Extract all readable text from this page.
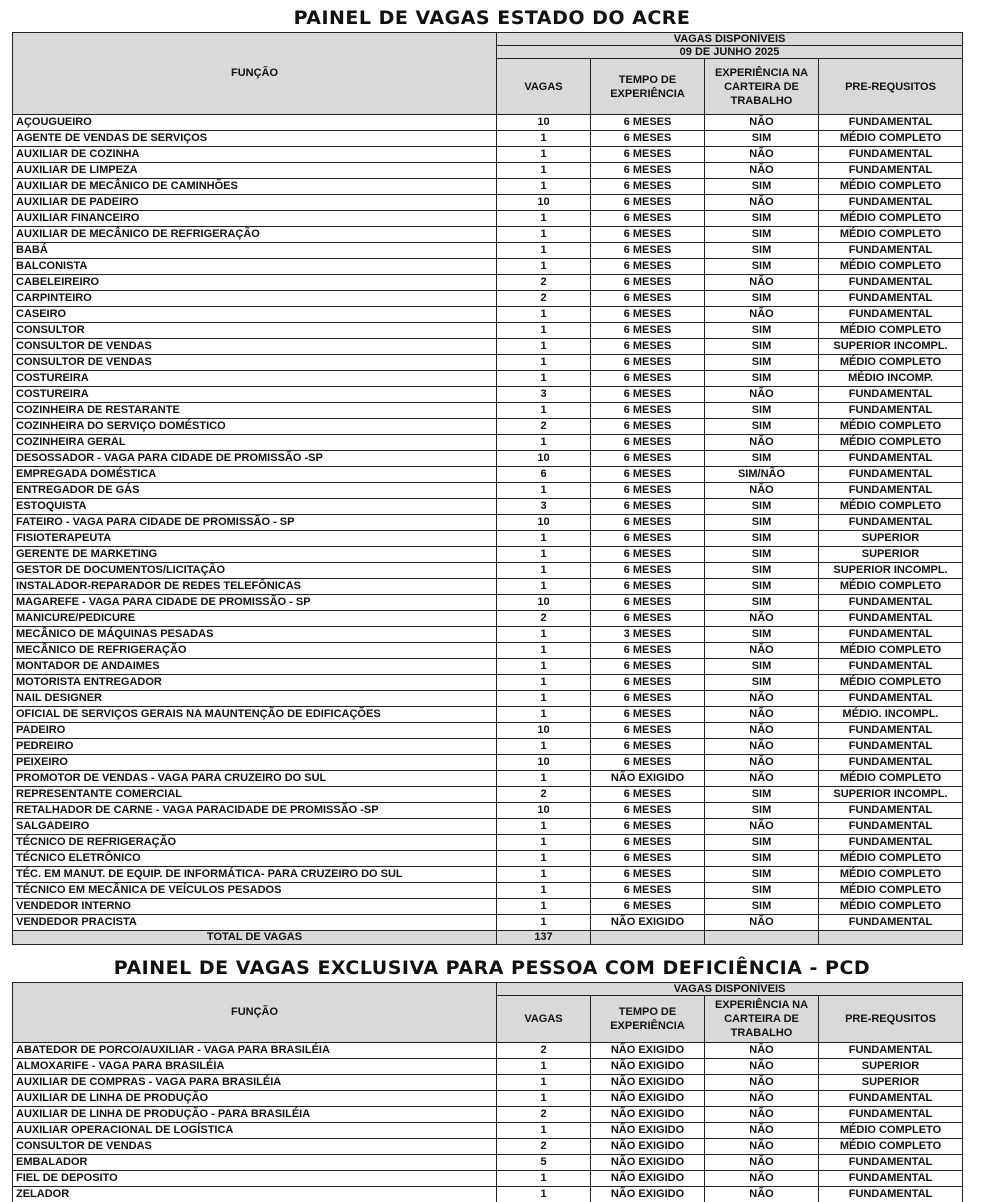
PAINEL DE VAGAS ESTADO DO ACRE
FUNÇÃO	VAGAS DISPONÍVEIS			
	09 DE JUNHO 2025			
	VAGAS	TEMPO DE EXPERIÊNCIA	EXPERIÊNCIA NA CARTEIRA DE TRABALHO	PRE-REQUSITOS
AÇOUGUEIRO	10	6 MESES	NÃO	FUNDAMENTAL
AGENTE DE VENDAS DE SERVIÇOS	1	6 MESES	SIM	MÉDIO COMPLETO
AUXILIAR DE COZINHA	1	6 MESES	NÃO	FUNDAMENTAL
AUXILIAR DE LIMPEZA	1	6 MESES	NÃO	FUNDAMENTAL
AUXILIAR DE MECÂNICO DE CAMINHÕES	1	6 MESES	SIM	MÉDIO COMPLETO
AUXILIAR DE PADEIRO	10	6 MESES	NÃO	FUNDAMENTAL
AUXILIAR FINANCEIRO	1	6 MESES	SIM	MÉDIO COMPLETO
AUXILIAR DE MECÂNICO DE REFRIGERAÇÃO	1	6 MESES	SIM	MÉDIO COMPLETO
BABÁ	1	6 MESES	SIM	FUNDAMENTAL
BALCONISTA	1	6 MESES	SIM	MÉDIO COMPLETO
CABELEIREIRO	2	6 MESES	NÃO	FUNDAMENTAL
CARPINTEIRO	2	6 MESES	SIM	FUNDAMENTAL
CASEIRO	1	6 MESES	NÃO	FUNDAMENTAL
CONSULTOR	1	6 MESES	SIM	MÉDIO COMPLETO
CONSULTOR DE VENDAS	1	6 MESES	SIM	SUPERIOR INCOMPL.
CONSULTOR DE VENDAS	1	6 MESES	SIM	MÉDIO COMPLETO
COSTUREIRA	1	6 MESES	SIM	MÉDIO INCOMP.
COSTUREIRA	3	6 MESES	NÃO	FUNDAMENTAL
COZINHEIRA DE RESTARANTE	1	6 MESES	SIM	FUNDAMENTAL
COZINHEIRA DO SERVIÇO DOMÉSTICO	2	6 MESES	SIM	MÉDIO COMPLETO
COZINHEIRA GERAL	1	6 MESES	NÃO	MÉDIO COMPLETO
DESOSSADOR - VAGA PARA CIDADE DE PROMISSÃO -SP	10	6 MESES	SIM	FUNDAMENTAL
EMPREGADA DOMÉSTICA	6	6 MESES	SIM/NÃO	FUNDAMENTAL
ENTREGADOR DE GÁS	1	6 MESES	NÃO	FUNDAMENTAL
ESTOQUISTA	3	6 MESES	SIM	MÉDIO COMPLETO
FATEIRO - VAGA PARA CIDADE DE PROMISSÃO - SP	10	6 MESES	SIM	FUNDAMENTAL
FISIOTERAPEUTA	1	6 MESES	SIM	SUPERIOR
GERENTE DE MARKETING	1	6 MESES	SIM	SUPERIOR
GESTOR DE DOCUMENTOS/LICITAÇÃO	1	6 MESES	SIM	SUPERIOR INCOMPL.
INSTALADOR-REPARADOR DE REDES TELEFÔNICAS	1	6 MESES	SIM	MÉDIO COMPLETO
MAGAREFE - VAGA PARA CIDADE DE PROMISSÃO - SP	10	6 MESES	SIM	FUNDAMENTAL
MANICURE/PEDICURE	2	6 MESES	NÃO	FUNDAMENTAL
MECÂNICO DE MÁQUINAS PESADAS	1	3 MESES	SIM	FUNDAMENTAL
MECÂNICO DE REFRIGERAÇÃO	1	6 MESES	NÃO	MÉDIO COMPLETO
MONTADOR DE ANDAIMES	1	6 MESES	SIM	FUNDAMENTAL
MOTORISTA ENTREGADOR	1	6 MESES	SIM	MÉDIO COMPLETO
NAIL DESIGNER	1	6 MESES	NÃO	FUNDAMENTAL
OFICIAL DE SERVIÇOS GERAIS NA MAUNTENÇÃO DE EDIFICAÇÕES	1	6 MESES	NÃO	MÉDIO. INCOMPL.
PADEIRO	10	6 MESES	NÃO	FUNDAMENTAL
PEDREIRO	1	6 MESES	NÃO	FUNDAMENTAL
PEIXEIRO	10	6 MESES	NÃO	FUNDAMENTAL
PROMOTOR DE VENDAS - VAGA PARA CRUZEIRO DO SUL	1	NÃO EXIGIDO	NÃO	MÉDIO COMPLETO
REPRESENTANTE COMERCIAL	2	6 MESES	SIM	SUPERIOR INCOMPL.
RETALHADOR DE CARNE - VAGA PARACIDADE DE PROMISSÃO -SP	10	6 MESES	SIM	FUNDAMENTAL
SALGADEIRO	1	6 MESES	NÃO	FUNDAMENTAL
TÉCNICO DE REFRIGERAÇÃO	1	6 MESES	SIM	FUNDAMENTAL
TÉCNICO ELETRÔNICO	1	6 MESES	SIM	MÉDIO COMPLETO
TÉC. EM MANUT. DE EQUIP. DE INFORMÁTICA- PARA CRUZEIRO DO SUL	1	6 MESES	SIM	MÉDIO COMPLETO
TÉCNICO EM MECÂNICA DE VEÍCULOS PESADOS	1	6 MESES	SIM	MÉDIO COMPLETO
VENDEDOR INTERNO	1	6 MESES	SIM	MÉDIO COMPLETO
VENDEDOR PRACISTA	1	NÃO EXIGIDO	NÃO	FUNDAMENTAL
TOTAL DE VAGAS	137			
PAINEL DE VAGAS EXCLUSIVA PARA PESSOA COM DEFICIÊNCIA - PCD
FUNÇÃO	VAGAS DISPONÍVEIS			
	VAGAS	TEMPO DE EXPERIÊNCIA	EXPERIÊNCIA NA CARTEIRA DE TRABALHO	PRE-REQUSITOS
ABATEDOR DE PORCO/AUXILIAR - VAGA PARA BRASILÉIA	2	NÃO EXIGIDO	NÃO	FUNDAMENTAL
ALMOXARIFE - VAGA PARA BRASILÉIA	1	NÃO EXIGIDO	NÃO	SUPERIOR
AUXILIAR DE COMPRAS - VAGA PARA BRASILÉIA	1	NÃO EXIGIDO	NÃO	SUPERIOR
AUXILIAR DE LINHA DE PRODUÇÃO	1	NÃO EXIGIDO	NÃO	FUNDAMENTAL
AUXILIAR DE LINHA DE PRODUÇÃO - PARA BRASILÉIA	2	NÃO EXIGIDO	NÃO	FUNDAMENTAL
AUXILIAR OPERACIONAL DE LOGÍSTICA	1	NÃO EXIGIDO	NÃO	MÉDIO COMPLETO
CONSULTOR DE VENDAS	2	NÃO EXIGIDO	NÃO	MÉDIO COMPLETO
EMBALADOR	5	NÃO EXIGIDO	NÃO	FUNDAMENTAL
FIEL DE DEPOSITO	1	NÃO EXIGIDO	NÃO	FUNDAMENTAL
ZELADOR	1	NÃO EXIGIDO	NÃO	FUNDAMENTAL
